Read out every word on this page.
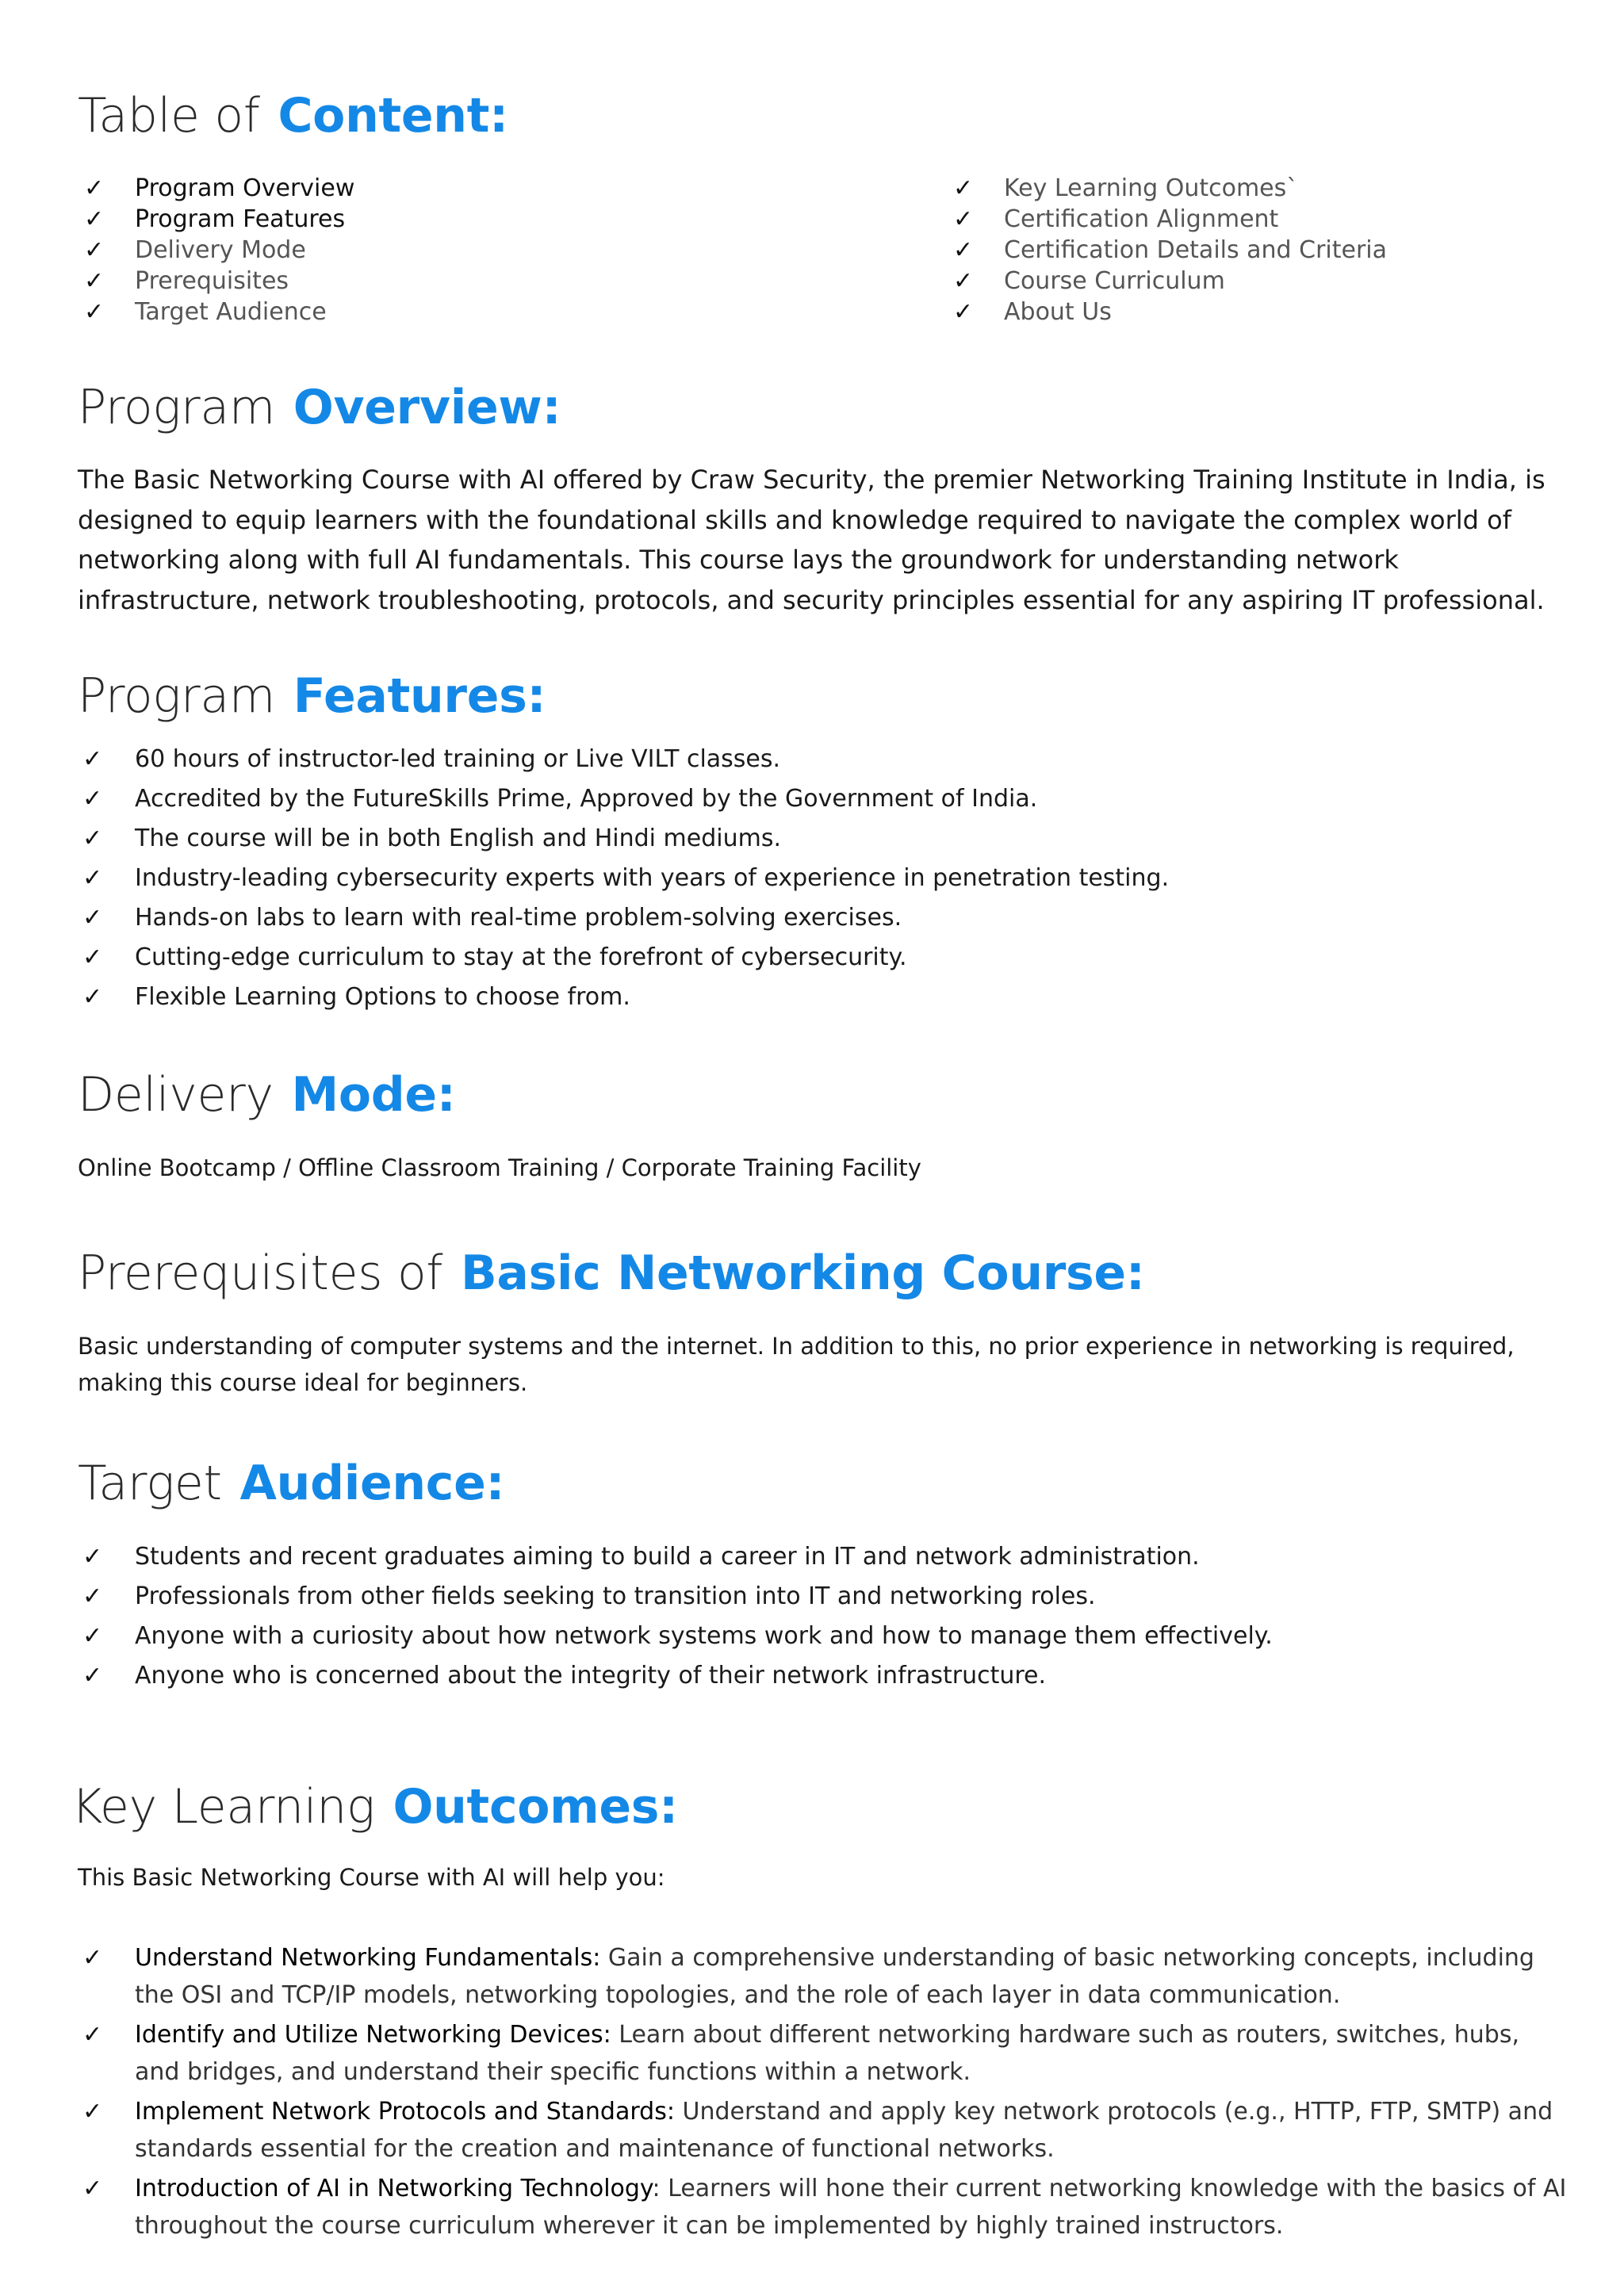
Table of Content:
✓ Program Overview
✓ Program Features
✓ Delivery Mode
✓ Prerequisites
✓ Target Audience
✓ Key Learning Outcomes`
✓ Certification Alignment
✓ Certification Details and Criteria
✓ Course Curriculum
✓ About Us
Program Overview:
The Basic Networking Course with AI offered by Craw Security, the premier Networking Training Institute in India, is designed to equip learners with the foundational skills and knowledge required to navigate the complex world of networking along with full AI fundamentals. This course lays the groundwork for understanding network infrastructure, network troubleshooting, protocols, and security principles essential for any aspiring IT professional.
Program Features:
✓ 60 hours of instructor-led training or Live VILT classes.
✓ Accredited by the FutureSkills Prime, Approved by the Government of India.
✓ The course will be in both English and Hindi mediums.
✓ Industry-leading cybersecurity experts with years of experience in penetration testing.
✓ Hands-on labs to learn with real-time problem-solving exercises.
✓ Cutting-edge curriculum to stay at the forefront of cybersecurity.
✓ Flexible Learning Options to choose from.
Delivery Mode:
Online Bootcamp / Offline Classroom Training / Corporate Training Facility
Prerequisites of Basic Networking Course:
Basic understanding of computer systems and the internet. In addition to this, no prior experience in networking is required, making this course ideal for beginners.
Target Audience:
✓ Students and recent graduates aiming to build a career in IT and network administration.
✓ Professionals from other fields seeking to transition into IT and networking roles.
✓ Anyone with a curiosity about how network systems work and how to manage them effectively.
✓ Anyone who is concerned about the integrity of their network infrastructure.
Key Learning Outcomes:
This Basic Networking Course with AI will help you:
✓ Understand Networking Fundamentals: Gain a comprehensive understanding of basic networking concepts, including the OSI and TCP/IP models, networking topologies, and the role of each layer in data communication.
✓ Identify and Utilize Networking Devices: Learn about different networking hardware such as routers, switches, hubs, and bridges, and understand their specific functions within a network.
✓ Implement Network Protocols and Standards: Understand and apply key network protocols (e.g., HTTP, FTP, SMTP) and standards essential for the creation and maintenance of functional networks.
✓ Introduction of AI in Networking Technology: Learners will hone their current networking knowledge with the basics of AI throughout the course curriculum wherever it can be implemented by highly trained instructors.
